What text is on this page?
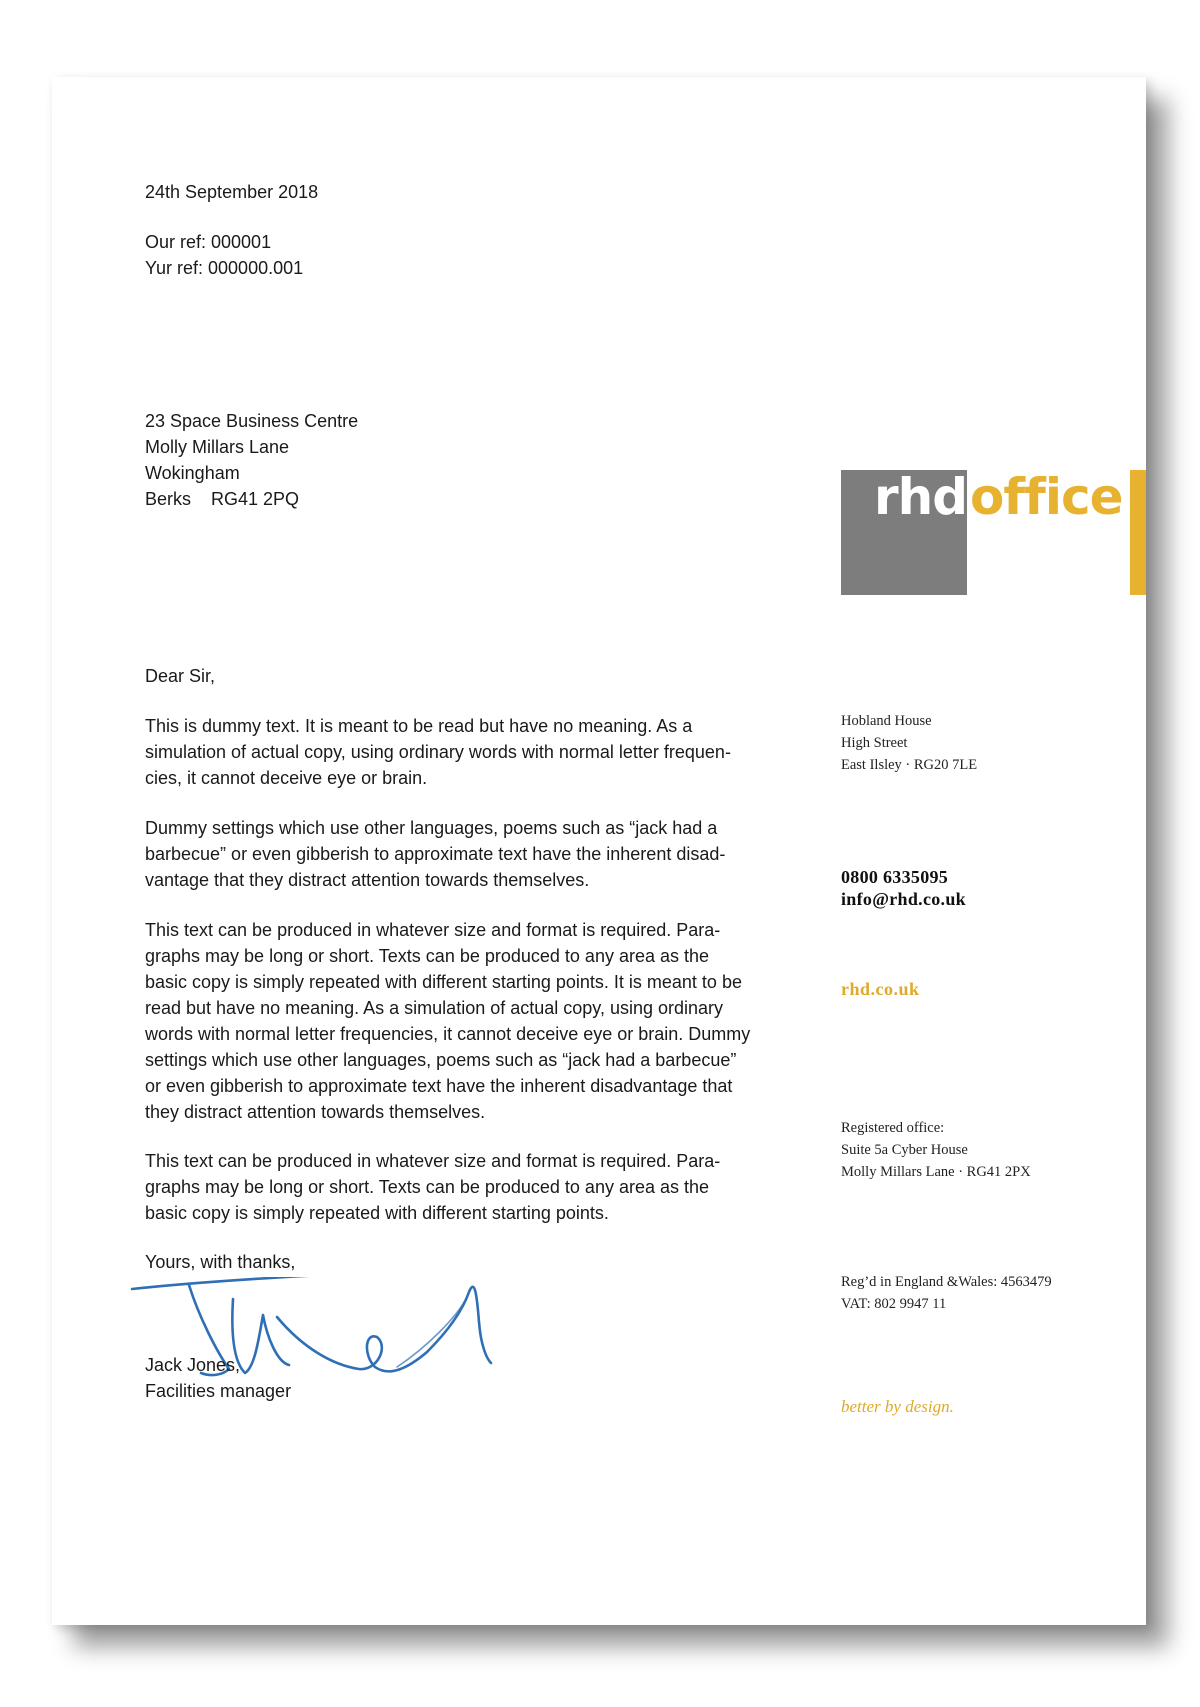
24th September 2018
Our ref: 000001
Yur ref: 000000.001
23 Space Business Centre
Molly Millars Lane
Wokingham
Berks    RG41 2PQ
Dear Sir,
This is dummy text. It is meant to be read but have no meaning. As a
simulation of actual copy, using ordinary words with normal letter frequen-
cies, it cannot deceive eye or brain.
Dummy settings which use other languages, poems such as “jack had a
barbecue” or even gibberish to approximate text have the inherent disad-
vantage that they distract attention towards themselves.
This text can be produced in whatever size and format is required. Para-
graphs may be long or short. Texts can be produced to any area as the
basic copy is simply repeated with different starting points. It is meant to be
read but have no meaning. As a simulation of actual copy, using ordinary
words with normal letter frequencies, it cannot deceive eye or brain. Dummy
settings which use other languages, poems such as “jack had a barbecue”
or even gibberish to approximate text have the inherent disadvantage that
they distract attention towards themselves.
This text can be produced in whatever size and format is required. Para-
graphs may be long or short. Texts can be produced to any area as the
basic copy is simply repeated with different starting points.
Yours, with thanks,
Jack Jones,
Facilities manager
rhd office
Hobland House
High Street
East Ilsley · RG20 7LE
0800 6335095
info@rhd.co.uk
rhd.co.uk
Registered office:
Suite 5a Cyber House
Molly Millars Lane · RG41 2PX
Reg’d in England &Wales: 4563479
VAT: 802 9947 11
better by design.
